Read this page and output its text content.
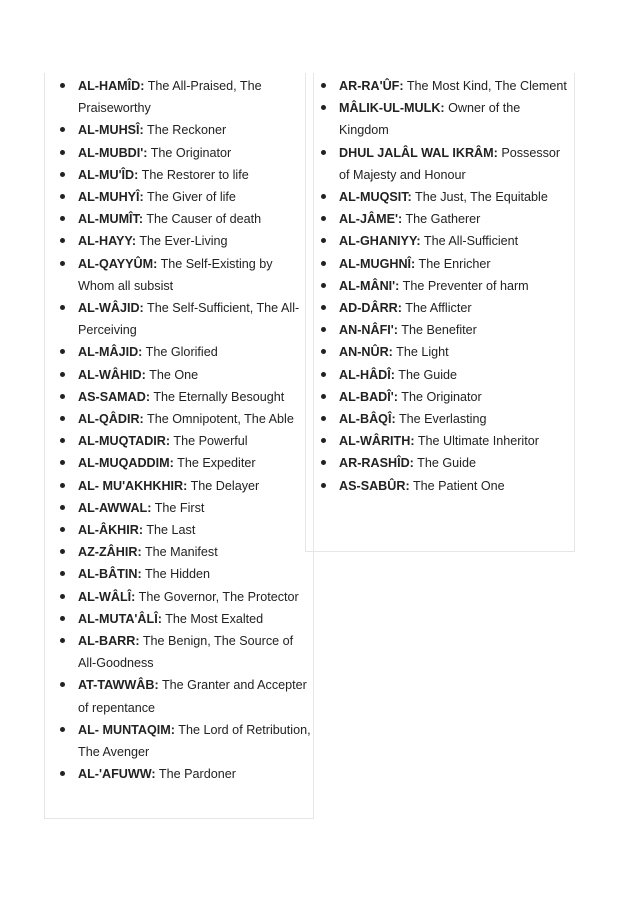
AL-HAMÎD: The All-Praised, The Praiseworthy
AL-MUHSÎ: The Reckoner
AL-MUBDI': The Originator
AL-MU'ÎD: The Restorer to life
AL-MUHYÎ: The Giver of life
AL-MUMÎT: The Causer of death
AL-HAYY: The Ever-Living
AL-QAYYÛM: The Self-Existing by Whom all subsist
AL-WÂJID: The Self-Sufficient, The All-Perceiving
AL-MÂJID: The Glorified
AL-WÂHID: The One
AS-SAMAD: The Eternally Besought
AL-QÂDIR: The Omnipotent, The Able
AL-MUQTADIR: The Powerful
AL-MUQADDIM: The Expediter
AL- MU'AKHKHIR: The Delayer
AL-AWWAL: The First
AL-ÂKHIR: The Last
AZ-ZÂHIR: The Manifest
AL-BÂTIN: The Hidden
AL-WÂLÎ: The Governor, The Protector
AL-MUTA'ÂLÎ: The Most Exalted
AL-BARR: The Benign, The Source of All-Goodness
AT-TAWWÂB: The Granter and Accepter of repentance
AL- MUNTAQIM: The Lord of Retribution, The Avenger
AL-'AFUWW: The Pardoner
AR-RA'ÛF: The Most Kind, The Clement
MÂLIK-UL-MULK: Owner of the Kingdom
DHUL JALÂL WAL IKRÂM: Possessor of Majesty and Honour
AL-MUQSIT: The Just, The Equitable
AL-JÂME': The Gatherer
AL-GHANIYY: The All-Sufficient
AL-MUGHNÎ: The Enricher
AL-MÂNI': The Preventer of harm
AD-DÂRR: The Afflicter
AN-NÂFI': The Benefiter
AN-NÛR: The Light
AL-HÂDÎ: The Guide
AL-BADÎ': The Originator
AL-BÂQÎ: The Everlasting
AL-WÂRITH: The Ultimate Inheritor
AR-RASHÎD: The Guide
AS-SABÛR: The Patient One
